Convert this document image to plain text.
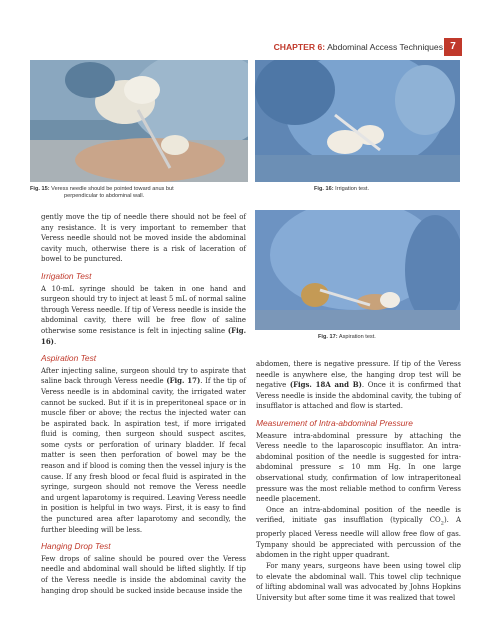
CHAPTER 6: Abdominal Access Techniques 7
Fig. 15: Veress needle should be pointed toward anus but
perpendicular to abdominal wall.
Fig. 16: Irrigation test.
Fig. 17: Aspiration test.

gently move the tip of needle there should not be feel of any resistance. It is very important to remember that Veress needle should not be moved inside the abdominal cavity much, otherwise there is a risk of laceration of bowel to be punctured.

Irrigation Test

A 10-mL syringe should be taken in one hand and surgeon should try to inject at least 5 mL of normal saline through Veress needle. If tip of Veress needle is inside the abdominal cavity, there will be free flow of saline otherwise some resistance is felt in injecting saline (Fig. 16).

Aspiration Test

After injecting saline, surgeon should try to aspirate that saline back through Veress needle (Fig. 17). If the tip of Veress needle is in abdominal cavity, the irrigated water cannot be sucked. But if it is in preperitoneal space or in muscle fiber or above; the rectus the injected water can be aspirated back. In aspiration test, if more irrigated fluid is coming, then surgeon should suspect ascites, some cysts or perforation of urinary bladder. If fecal matter is seen then perforation of bowel may be the reason and if blood is coming then the vessel injury is the cause. If any fresh blood or fecal fluid is aspirated in the syringe, surgeon should not remove the Veress needle and urgent laparotomy is required. Leaving Veress needle in position is helpful in two ways. First, it is easy to find the punctured area after laparotomy and secondly, the further bleeding will be less.

Hanging Drop Test

Few drops of saline should be poured over the Veress needle and abdominal wall should be lifted slightly. If tip of the Veress needle is inside the abdominal cavity the hanging drop should be sucked inside because inside the

abdomen, there is negative pressure. If tip of the Veress needle is anywhere else, the hanging drop test will be negative (Figs. 18A and B). Once it is confirmed that Veress needle is inside the abdominal cavity, the tubing of insufflator is attached and flow is started.

Measurement of Intra-abdominal Pressure

Measure intra-abdominal pressure by attaching the Veress needle to the laparoscopic insufflator. An intra-abdominal position of the needle is suggested for intra-abdominal pressure ≤ 10 mm Hg. In one large observational study, confirmation of low intraperitoneal pressure was the most reliable method to confirm Veress needle placement.

Once an intra-abdominal position of the needle is verified, initiate gas insufflation (typically $CO_2$). A properly placed Veress needle will allow free flow of gas. Tympany should be appreciated with percussion of the abdomen in the right upper quadrant.

For many years, surgeons have been using towel clip to elevate the abdominal wall. This towel clip technique of lifting abdominal wall was advocated by Johns Hopkins University but after some time it was realized that towel
